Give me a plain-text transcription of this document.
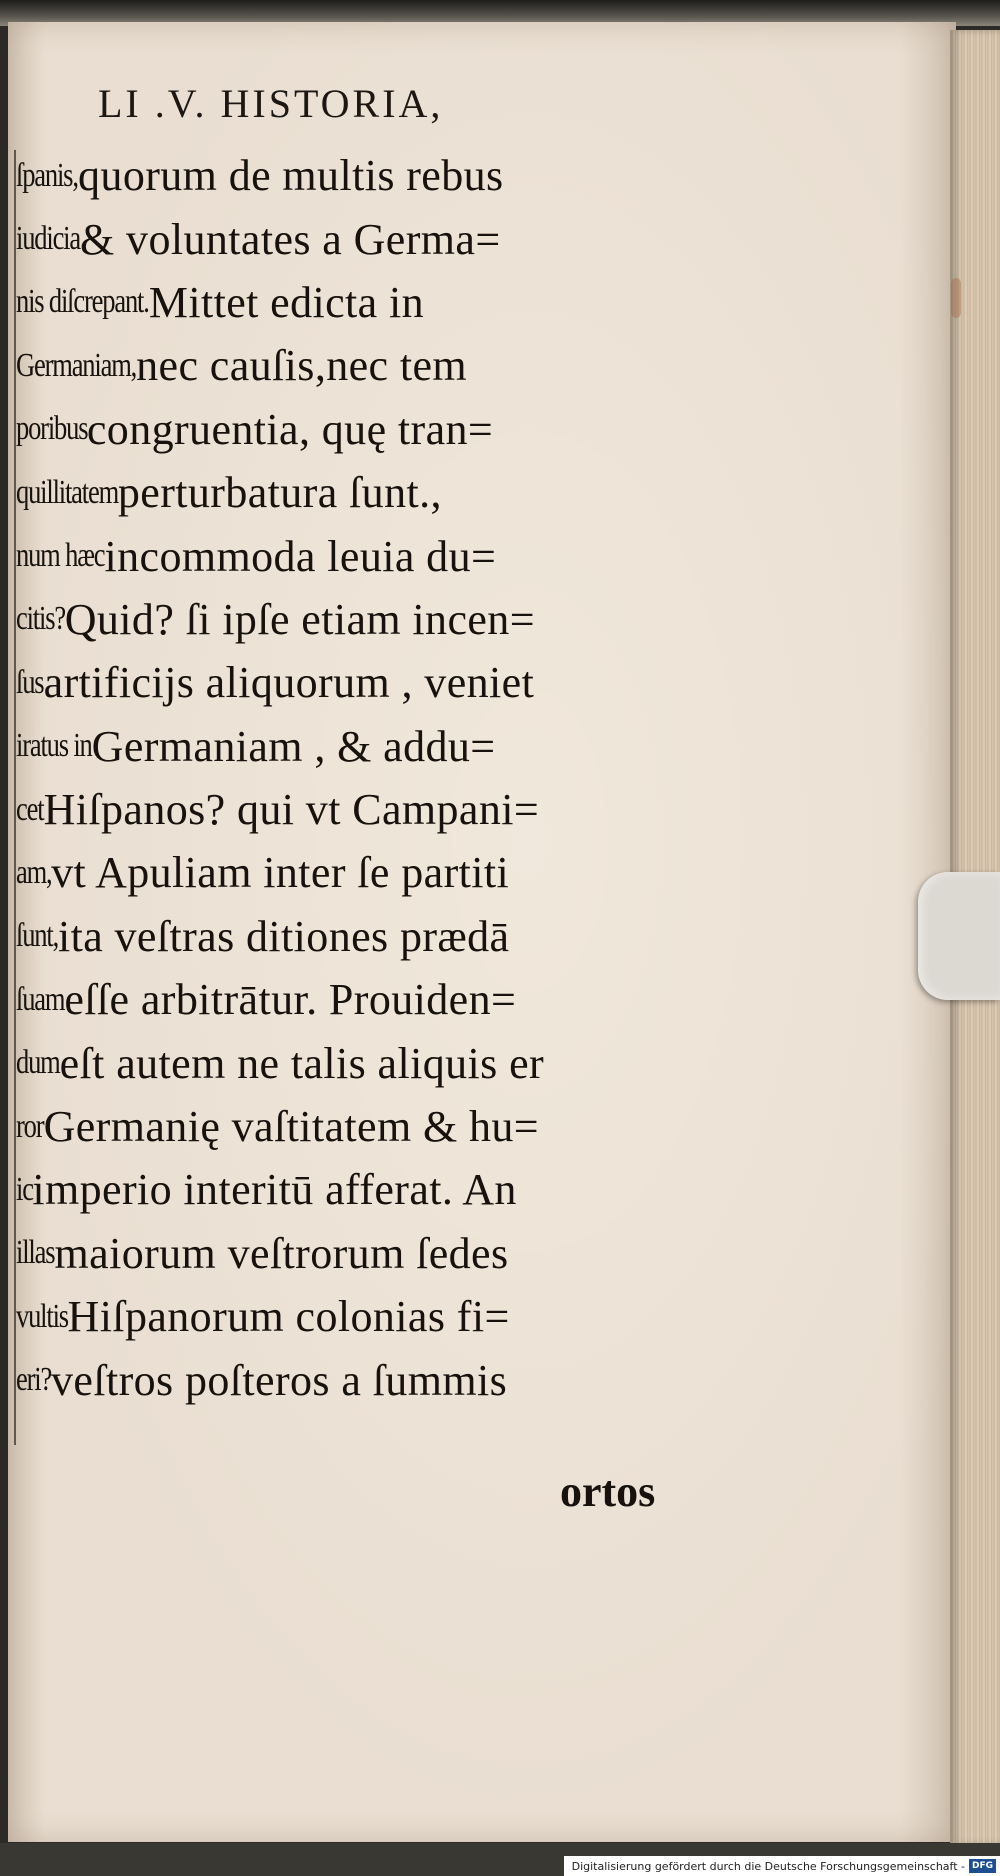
LI .V. HISTORIA,
ſpanis, quorum de multis rebus
iudicia & voluntates a Germa=
nis diſcrepant. Mittet edicta in
Germaniam, nec cauſis,nec tem
poribus congruentia, quę tran=
quillitatem perturbatura ſunt.,
num hæc incommoda leuia du=
citis? Quid? ſi ipſe etiam incen=
ſus artificijs aliquorum , veniet
iratus in Germaniam , & addu=
cet Hiſpanos? qui vt Campani=
am, vt Apuliam inter ſe partiti
ſunt, ita veſtras ditiones prædā
ſuam eſſe arbitrātur. Prouiden=
dum eſt autem ne talis aliquis er
ror Germanię vaſtitatem & hu=
ic imperio interitū afferat. An
illas maiorum veſtrorum ſedes
vultis Hiſpanorum colonias fi=
eri? veſtros poſteros a ſummis
ortos
Digitalisierung gefördert durch die Deutsche Forschungsgemeinschaft - DFG
